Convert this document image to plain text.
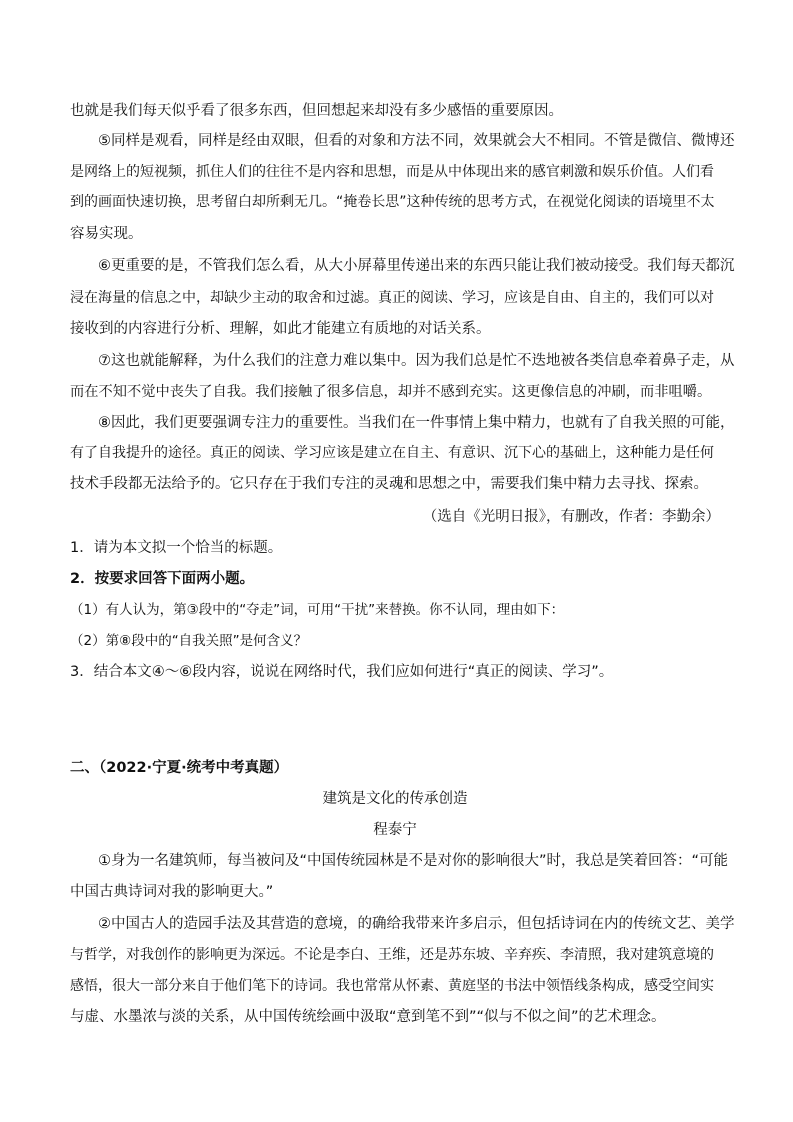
也就是我们每天似乎看了很多东西，但回想起来却没有多少感悟的重要原因。
⑤同样是观看，同样是经由双眼，但看的对象和方法不同，效果就会大不相同。不管是微信、微博还
是网络上的短视频，抓住人们的往往不是内容和思想，而是从中体现出来的感官刺激和娱乐价值。人们看
到的画面快速切换，思考留白却所剩无几。“掩卷长思”这种传统的思考方式，在视觉化阅读的语境里不太
容易实现。
⑥更重要的是，不管我们怎么看，从大小屏幕里传递出来的东西只能让我们被动接受。我们每天都沉
浸在海量的信息之中，却缺少主动的取舍和过滤。真正的阅读、学习，应该是自由、自主的，我们可以对
接收到的内容进行分析、理解，如此才能建立有质地的对话关系。
⑦这也就能解释，为什么我们的注意力难以集中。因为我们总是忙不迭地被各类信息牵着鼻子走，从
而在不知不觉中丧失了自我。我们接触了很多信息，却并不感到充实。这更像信息的冲刷，而非咀嚼。
⑧因此，我们更要强调专注力的重要性。当我们在一件事情上集中精力，也就有了自我关照的可能，
有了自我提升的途径。真正的阅读、学习应该是建立在自主、有意识、沉下心的基础上，这种能力是任何
技术手段都无法给予的。它只存在于我们专注的灵魂和思想之中，需要我们集中精力去寻找、探索。
（选自《光明日报》，有删改，作者：李勤余）
1．请为本文拟一个恰当的标题。
2．按要求回答下面两小题。
（1）有人认为，第③段中的“夺走”词，可用“干扰”来替换。你不认同，理由如下：
（2）第⑧段中的“自我关照”是何含义？
3．结合本文④～⑥段内容，说说在网络时代，我们应如何进行“真正的阅读、学习”。
二、（2022·宁夏·统考中考真题）
建筑是文化的传承创造
程泰宁
①身为一名建筑师，每当被问及“中国传统园林是不是对你的影响很大”时，我总是笑着回答：“可能
中国古典诗词对我的影响更大。”
②中国古人的造园手法及其营造的意境，的确给我带来许多启示，但包括诗词在内的传统文艺、美学
与哲学，对我创作的影响更为深远。不论是李白、王维，还是苏东坡、辛弃疾、李清照，我对建筑意境的
感悟，很大一部分来自于他们笔下的诗词。我也常常从怀素、黄庭坚的书法中领悟线条构成，感受空间实
与虚、水墨浓与淡的关系，从中国传统绘画中汲取“意到笔不到”“似与不似之间”的艺术理念。
